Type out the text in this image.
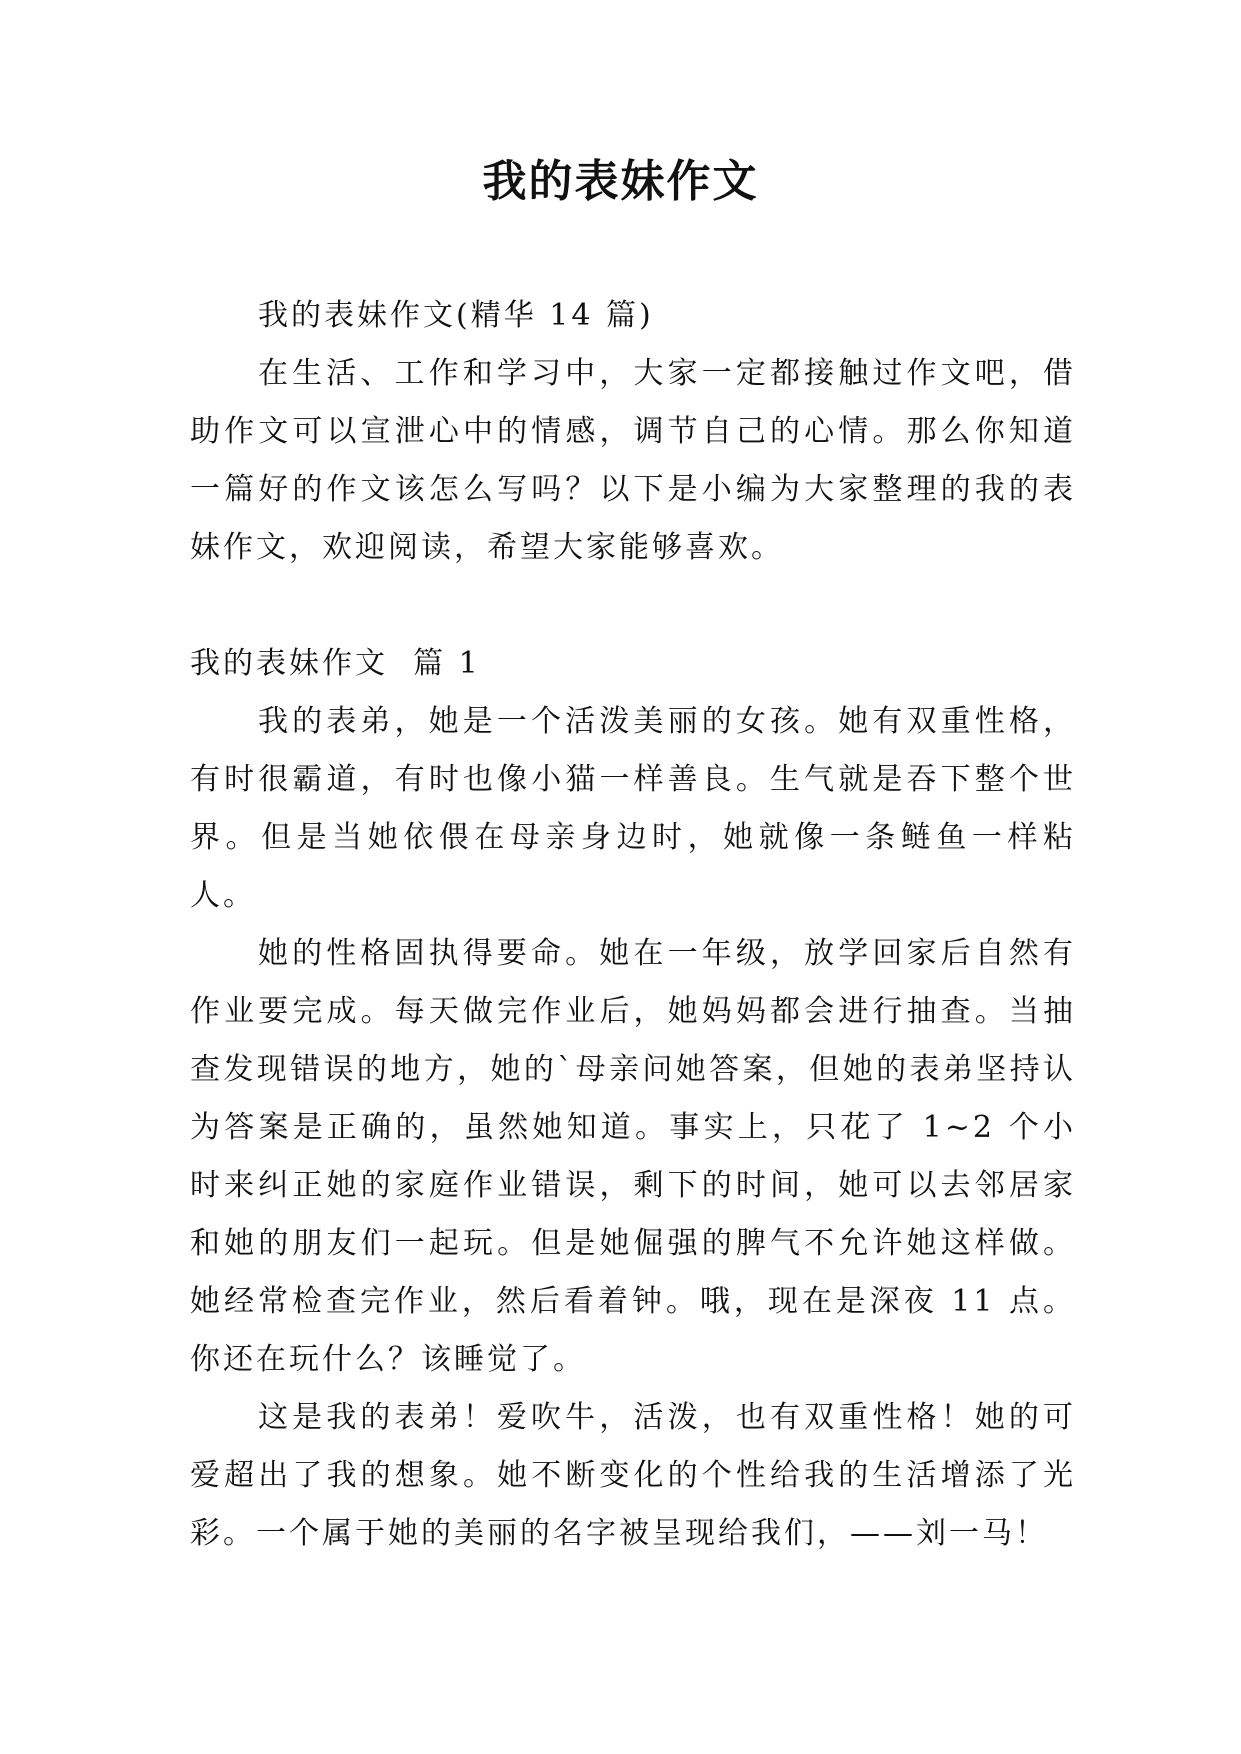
我的表妹作文

我的表妹作文(精华 14 篇)

在生活、工作和学习中，大家一定都接触过作文吧，借助作文可以宣泄心中的情感，调节自己的心情。那么你知道一篇好的作文该怎么写吗？以下是小编为大家整理的我的表妹作文，欢迎阅读，希望大家能够喜欢。

我的表妹作文  篇 1

我的表弟，她是一个活泼美丽的女孩。她有双重性格，有时很霸道，有时也像小猫一样善良。生气就是吞下整个世界。但是当她依偎在母亲身边时，她就像一条鲢鱼一样粘人。

她的性格固执得要命。她在一年级，放学回家后自然有作业要完成。每天做完作业后，她妈妈都会进行抽查。当抽查发现错误的地方，她的`母亲问她答案，但她的表弟坚持认为答案是正确的，虽然她知道。事实上，只花了 1~2 个小时来纠正她的家庭作业错误，剩下的时间，她可以去邻居家和她的朋友们一起玩。但是她倔强的脾气不允许她这样做。她经常检查完作业，然后看着钟。哦，现在是深夜 11 点。你还在玩什么？该睡觉了。

这是我的表弟！爱吹牛，活泼，也有双重性格！她的可爱超出了我的想象。她不断变化的个性给我的生活增添了光彩。一个属于她的美丽的名字被呈现给我们，——刘一马！
